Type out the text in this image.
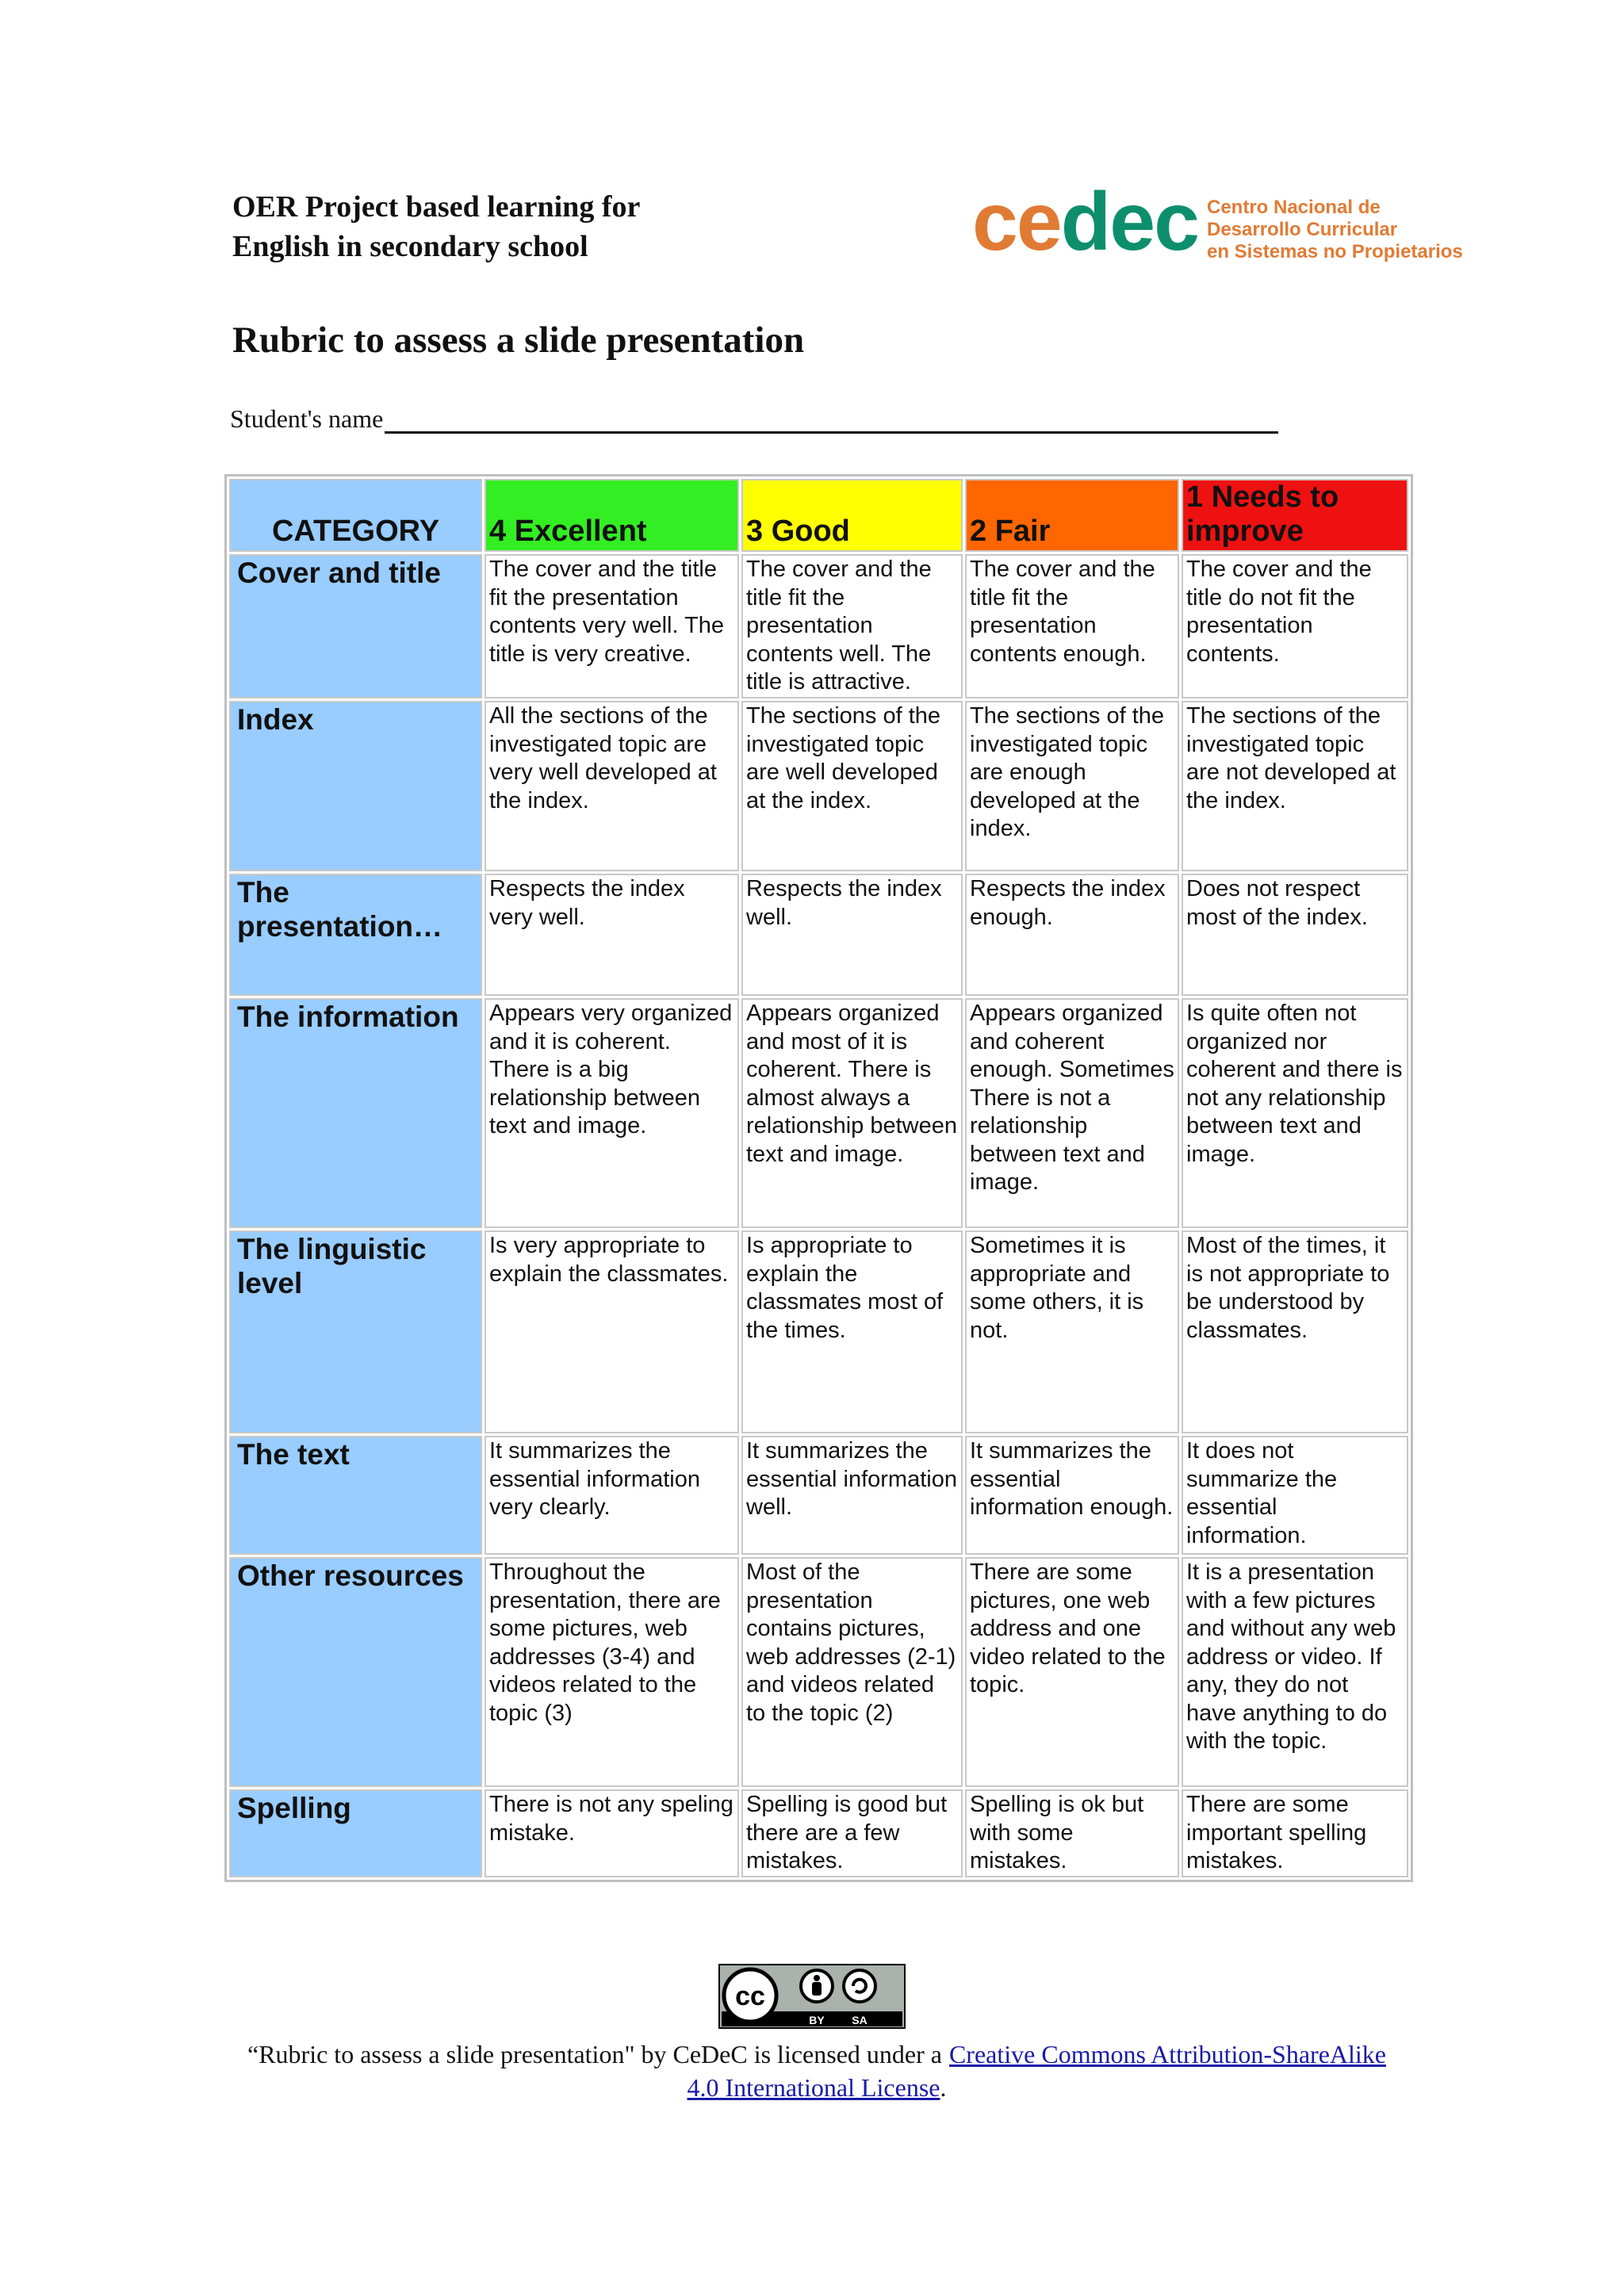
OER Project based learning for
English in secondary school	cedec Centro Nacional de
Desarrollo Curricular
en Sistemas no Propietarios
Rubric to assess a slide presentation
Student's name
CATEGORY	4 Excellent	3 Good	2 Fair	1 Needs to improve
Cover and title	The cover and the title fit the presentation contents very well. The title is very creative.	The cover and the title fit the presentation contents well. The title is attractive.	The cover and the title fit the presentation contents enough.	The cover and the title do not fit the presentation contents.
Index	All the sections of the investigated topic are very well developed at the index.	The sections of the investigated topic are well developed at the index.	The sections of the investigated topic are enough developed at the index.	The sections of the investigated topic are not developed at the index.
The presentation…	Respects the index very well.	Respects the index well.	Respects the index enough.	Does not respect most of the index.
The information	Appears very organized and it is coherent. There is a big relationship between text and image.	Appears organized and most of it is coherent. There is almost always a relationship between text and image.	Appears organized and coherent enough. Sometimes There is not a relationship between text and image.	Is quite often not organized nor coherent and there is not any relationship between text and image.
The linguistic level	Is very appropriate to explain the classmates.	Is appropriate to explain the classmates most of the times.	Sometimes it is appropriate and some others, it is not.	Most of the times, it is not appropriate to be understood by classmates.
The text	It summarizes the essential information very clearly.	It summarizes the essential information well.	It summarizes the essential information enough.	It does not summarize the essential information.
Other resources	Throughout the presentation, there are some pictures, web addresses (3-4) and videos related to the topic (3)	Most of the presentation contains pictures, web addresses (2-1) and videos related to the topic (2)	There are some pictures, one web address and one video related to the topic.	It is a presentation with a few pictures and without any web address or video. If any, they do not have anything to do with the topic.
Spelling	There is not any speling mistake.	Spelling is good but there are a few mistakes.	Spelling is ok but with some mistakes.	There are some important spelling mistakes.
cc
BY SA
“Rubric to assess a slide presentation" by CeDeC is licensed under a Creative Commons Attribution-ShareAlike 4.0 International License.
